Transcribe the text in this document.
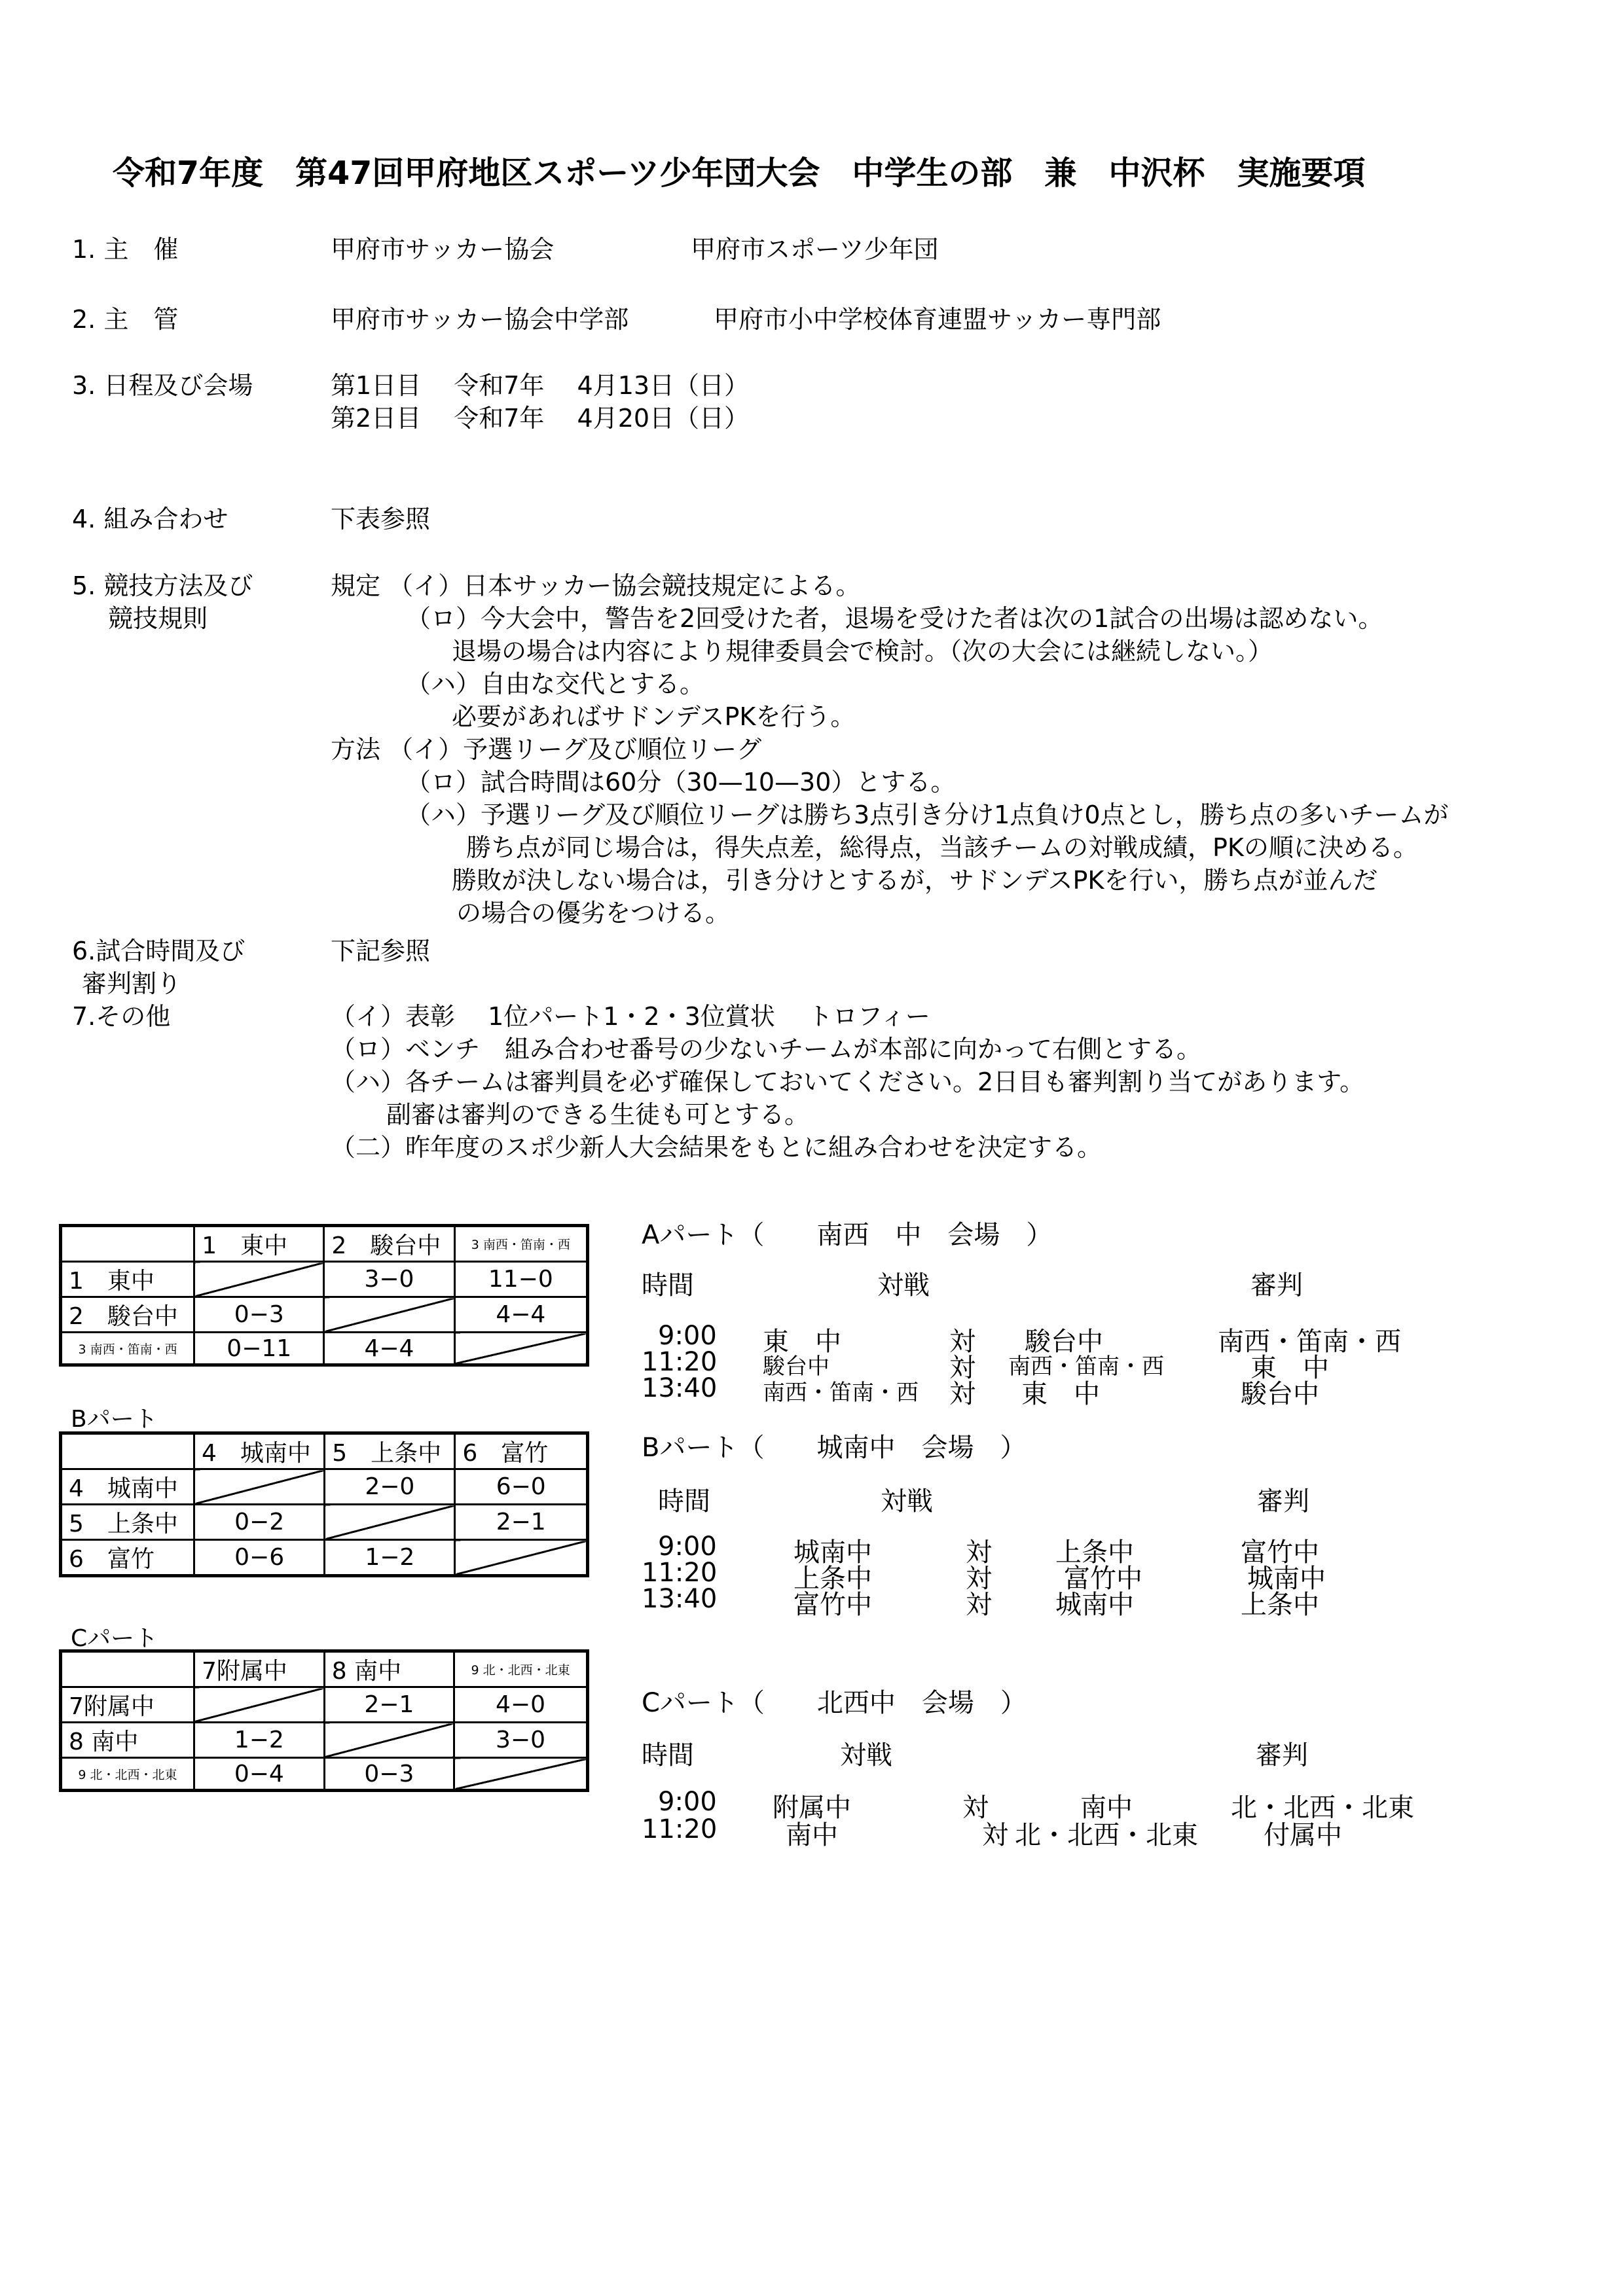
令和7年度　第47回甲府地区スポーツ少年団大会　中学生の部　兼　中沢杯　実施要項
1. 主　催	甲府市サッカー協会	甲府市スポーツ少年団
2. 主　管	甲府市サッカー協会中学部	甲府市小中学校体育連盟サッカー専門部
3. 日程及び会場	第1日目　 令和7年　 4月13日（日）
第2日目　 令和7年　 4月20日（日）
4. 組み合わせ	下表参照
5. 競技方法及び
競技規則
規定 （イ）日本サッカー協会競技規定による。
（ロ）今大会中，警告を2回受けた者，退場を受けた者は次の1試合の出場は認めない。
退場の場合は内容により規律委員会で検討。（次の大会には継続しない。）
（ハ）自由な交代とする。
必要があればサドンデスPKを行う。
方法 （イ）予選リーグ及び順位リーグ
（ロ）試合時間は60分（30—10—30）とする。
（ハ）予選リーグ及び順位リーグは勝ち3点引き分け1点負け0点とし，勝ち点の多いチームが
勝ち点が同じ場合は，得失点差，総得点，当該チームの対戦成績，PKの順に決める。
勝敗が決しない場合は，引き分けとするが，サドンデスPKを行い，勝ち点が並んだ
の場合の優劣をつける。
6.試合時間及び
審判割り
下記参照
7.その他	（イ）表彰　 1位パート1・2・3位賞状　 トロフィー
（ロ）ベンチ　組み合わせ番号の少ないチームが本部に向かって右側とする。
（ハ）各チームは審判員を必ず確保しておいてください。2日目も審判割り当てがあります。
副審は審判のできる生徒も可とする。
（二）昨年度のスポ少新人大会結果をもとに組み合わせを決定する。
	1　東中	2　駿台中	3 南西・笛南・西
1　東中		3−0	11−0
2　駿台中	0−3		4−4
3 南西・笛南・西	0−11	4−4	
Bパート
	4　城南中	5　上条中	6　富竹
4　城南中		2−0	6−0
5　上条中	0−2		2−1
6　富竹	0−6	1−2	
Cパート
	7附属中	8 南中	9 北・北西・北東
7附属中		2−1	4−0
8 南中	1−2		3−0
9 北・北西・北東	0−4	0−3	
Aパート（　　南西　中　会場　）
時間	対戦	審判
9:00 東　中	対 駿台中	南西・笛南・西
11:20 駿台中	対 南西・笛南・西	東　中
13:40 南西・笛南・西 対 東　中	駿台中
Bパート（　　城南中　会場　）
時間	対戦	審判
9:00	城南中	対 上条中	富竹中
11:20	上条中	対	富竹中	城南中
13:40	富竹中	対 城南中	上条中
Cパート（　　北西中　会場　）
時間	対戦	審判
9:00 附属中	対	南中	北・北西・北東
11:20	南中	対 北・北西・北東	付属中
